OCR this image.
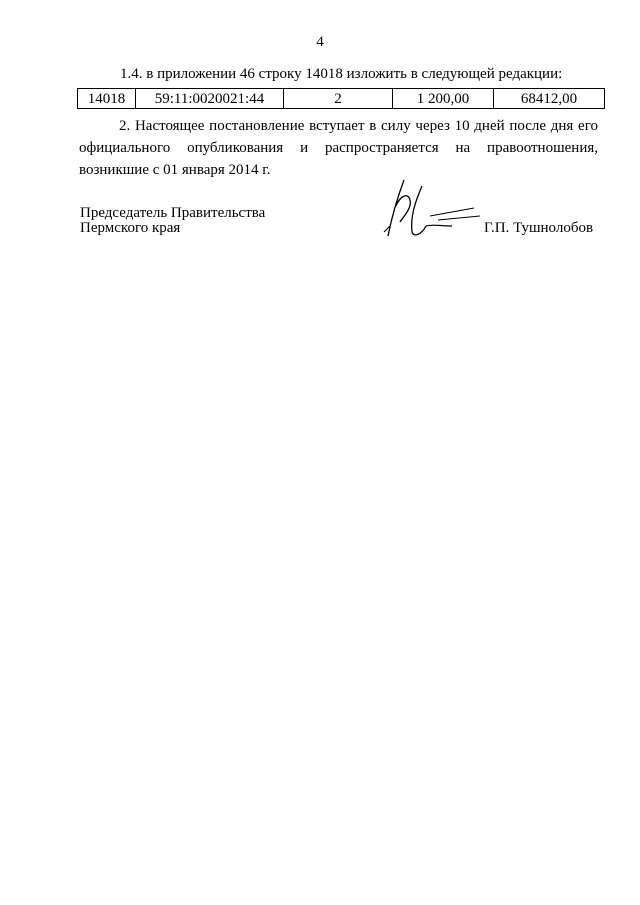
4
1.4. в приложении 46 строку 14018 изложить в следующей редакции:
14018	59:11:0020021:44	2	1 200,00	68412,00
2. Настоящее постановление вступает в силу через 10 дней после дня его
официального опубликования и распространяется на правоотношения,
возникшие с 01 января 2014 г.
Председатель Правительства
Пермского края	Г.П. Тушнолобов
